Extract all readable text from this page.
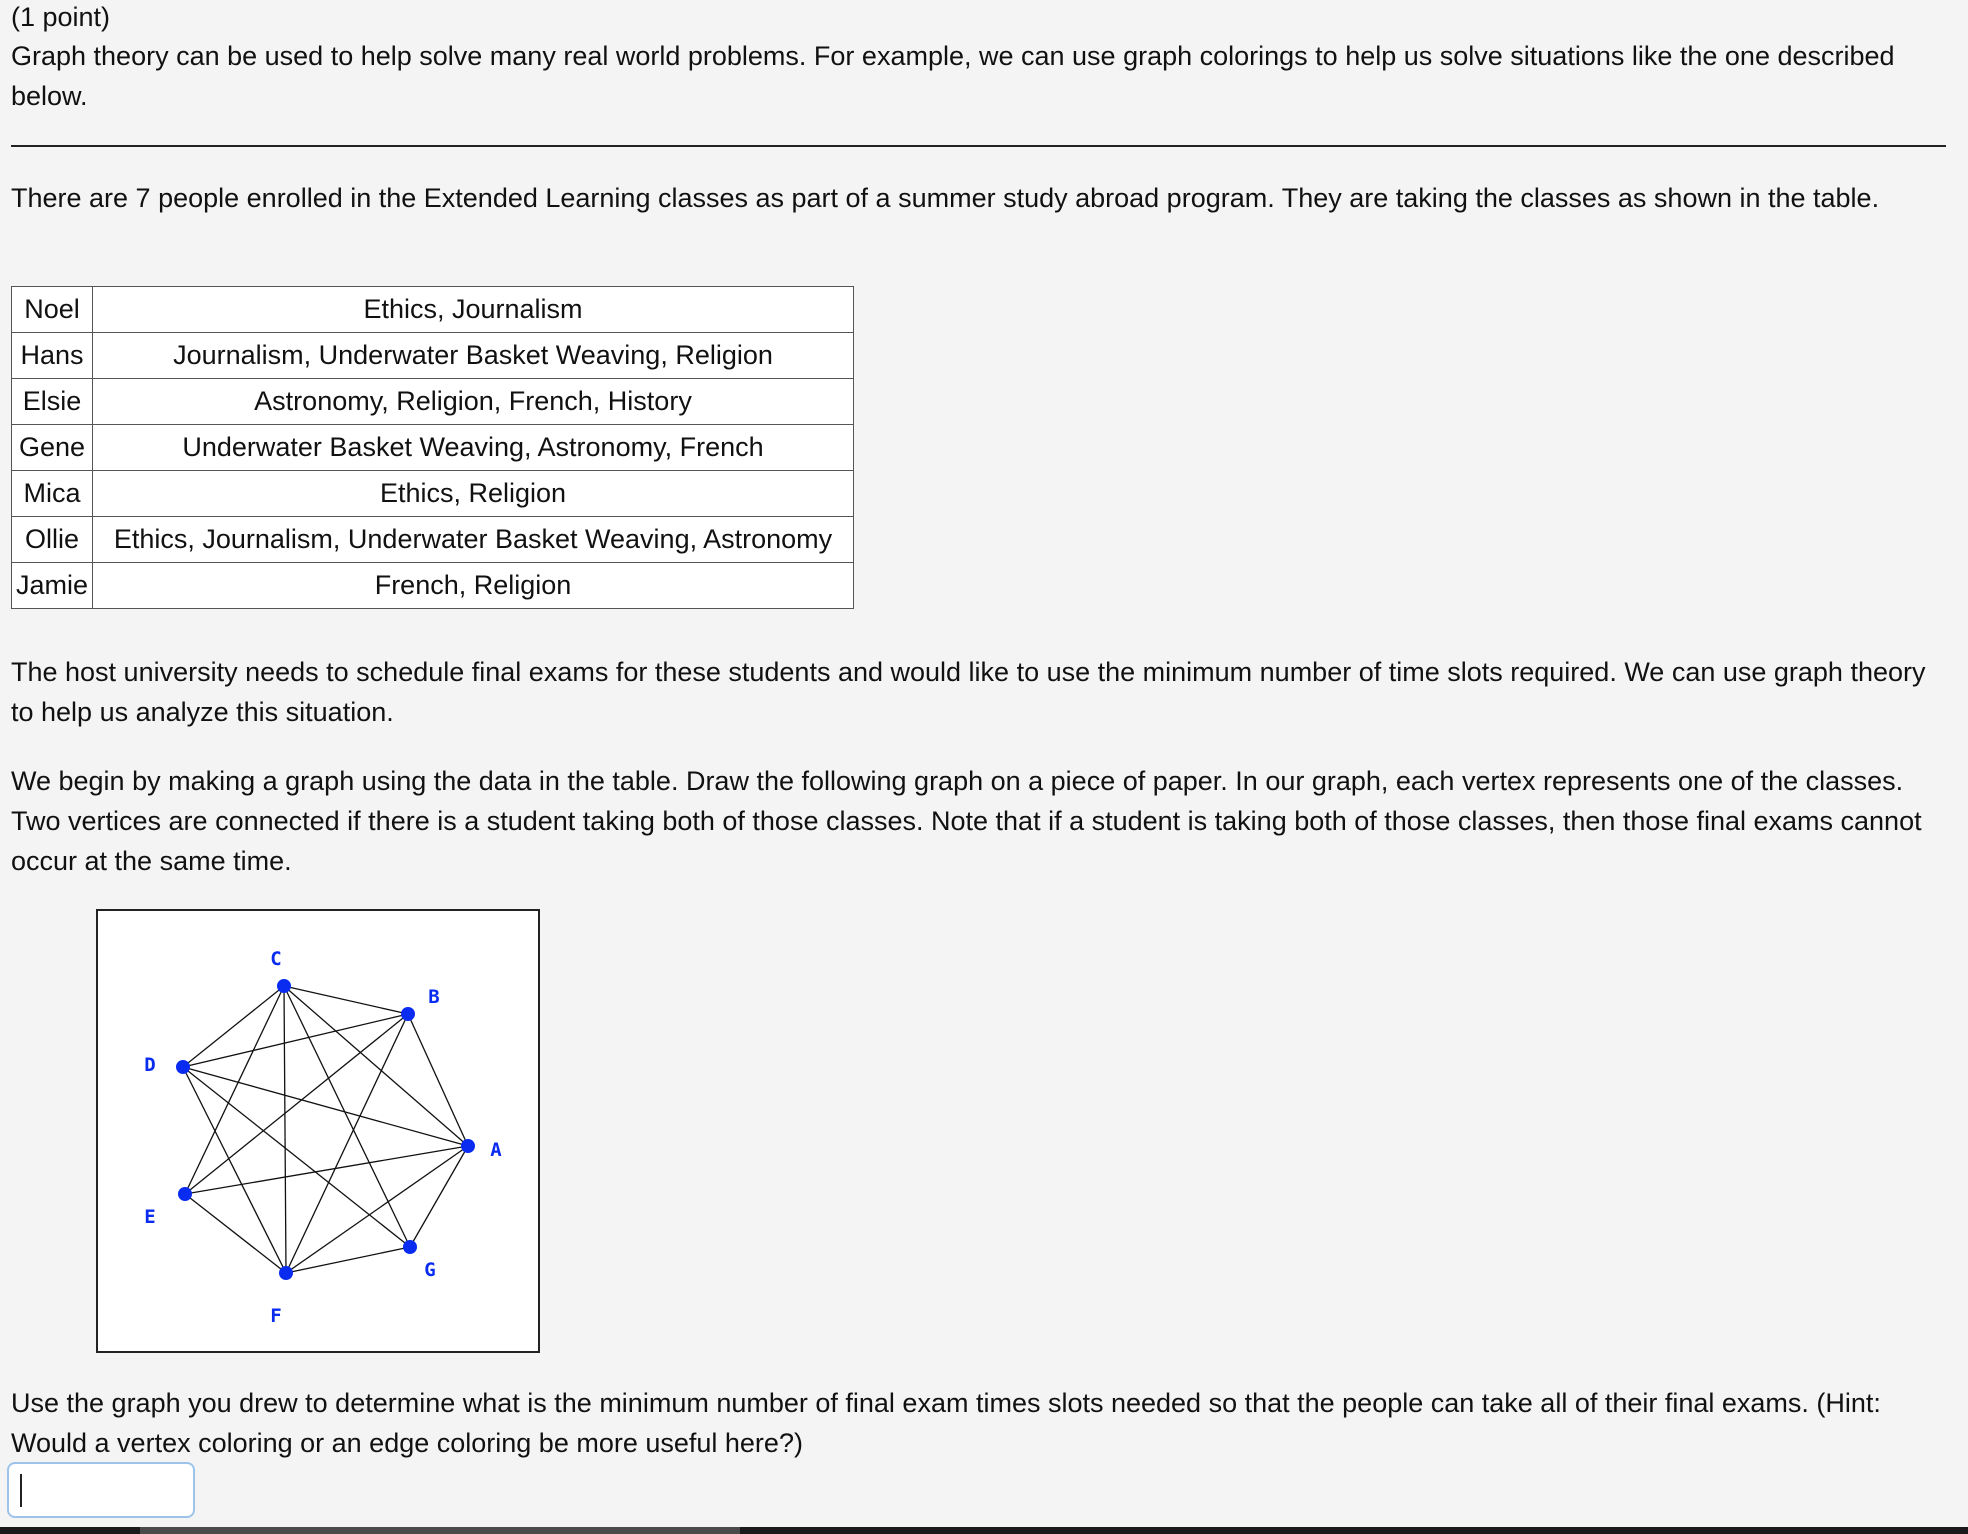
(1 point)

Graph theory can be used to help solve many real world problems. For example, we can use graph colorings to help us solve situations like the one described below.

There are 7 people enrolled in the Extended Learning classes as part of a summer study abroad program. They are taking the classes as shown in the table.

Noel	Ethics, Journalism
Hans	Journalism, Underwater Basket Weaving, Religion
Elsie	Astronomy, Religion, French, History
Gene	Underwater Basket Weaving, Astronomy, French
Mica	Ethics, Religion
Ollie	Ethics, Journalism, Underwater Basket Weaving, Astronomy
Jamie	French, Religion

The host university needs to schedule final exams for these students and would like to use the minimum number of time slots required. We can use graph theory to help us analyze this situation.

We begin by making a graph using the data in the table. Draw the following graph on a piece of paper. In our graph, each vertex represents one of the classes. Two vertices are connected if there is a student taking both of those classes. Note that if a student is taking both of those classes, then those final exams cannot occur at the same time.

A
B
C
D
E
F
G

Use the graph you drew to determine what is the minimum number of final exam times slots needed so that the people can take all of their final exams. (Hint: Would a vertex coloring or an edge coloring be more useful here?)
